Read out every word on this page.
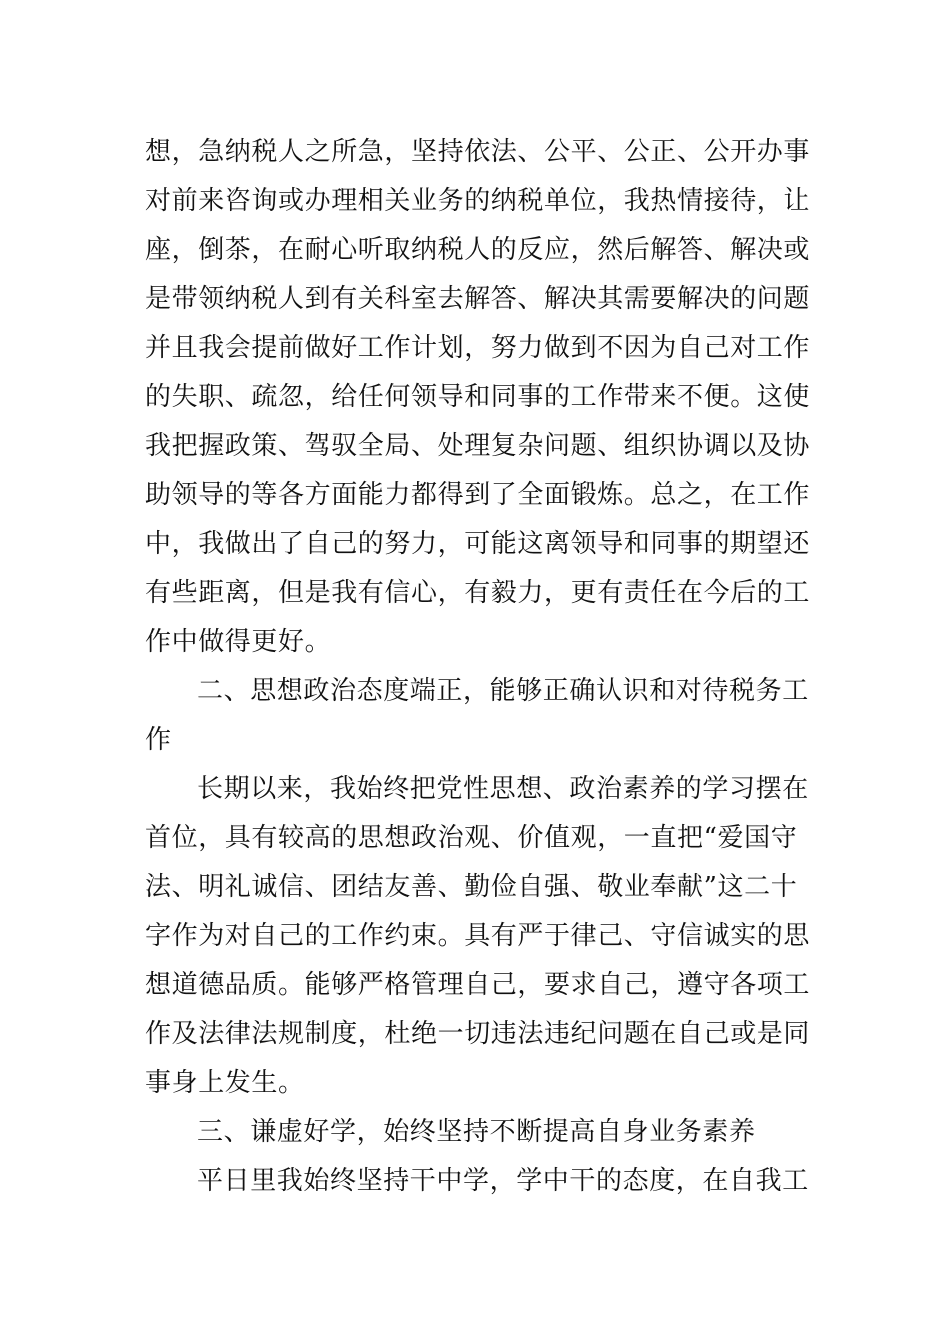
想，急纳税人之所急，坚持依法、公平、公正、公开办事
对前来咨询或办理相关业务的纳税单位，我热情接待，让
座，倒茶，在耐心听取纳税人的反应，然后解答、解决或
是带领纳税人到有关科室去解答、解决其需要解决的问题
并且我会提前做好工作计划，努力做到不因为自己对工作
的失职、疏忽，给任何领导和同事的工作带来不便。这使
我把握政策、驾驭全局、处理复杂问题、组织协调以及协
助领导的等各方面能力都得到了全面锻炼。总之，在工作
中，我做出了自己的努力，可能这离领导和同事的期望还
有些距离，但是我有信心，有毅力，更有责任在今后的工
作中做得更好。
二、思想政治态度端正，能够正确认识和对待税务工
作
长期以来，我始终把党性思想、政治素养的学习摆在
首位，具有较高的思想政治观、价值观，一直把“爱国守
法、明礼诚信、团结友善、勤俭自强、敬业奉献”这二十
字作为对自己的工作约束。具有严于律己、守信诚实的思
想道德品质。能够严格管理自己，要求自己，遵守各项工
作及法律法规制度，杜绝一切违法违纪问题在自己或是同
事身上发生。
三、谦虚好学，始终坚持不断提高自身业务素养
平日里我始终坚持干中学，学中干的态度，在自我工
